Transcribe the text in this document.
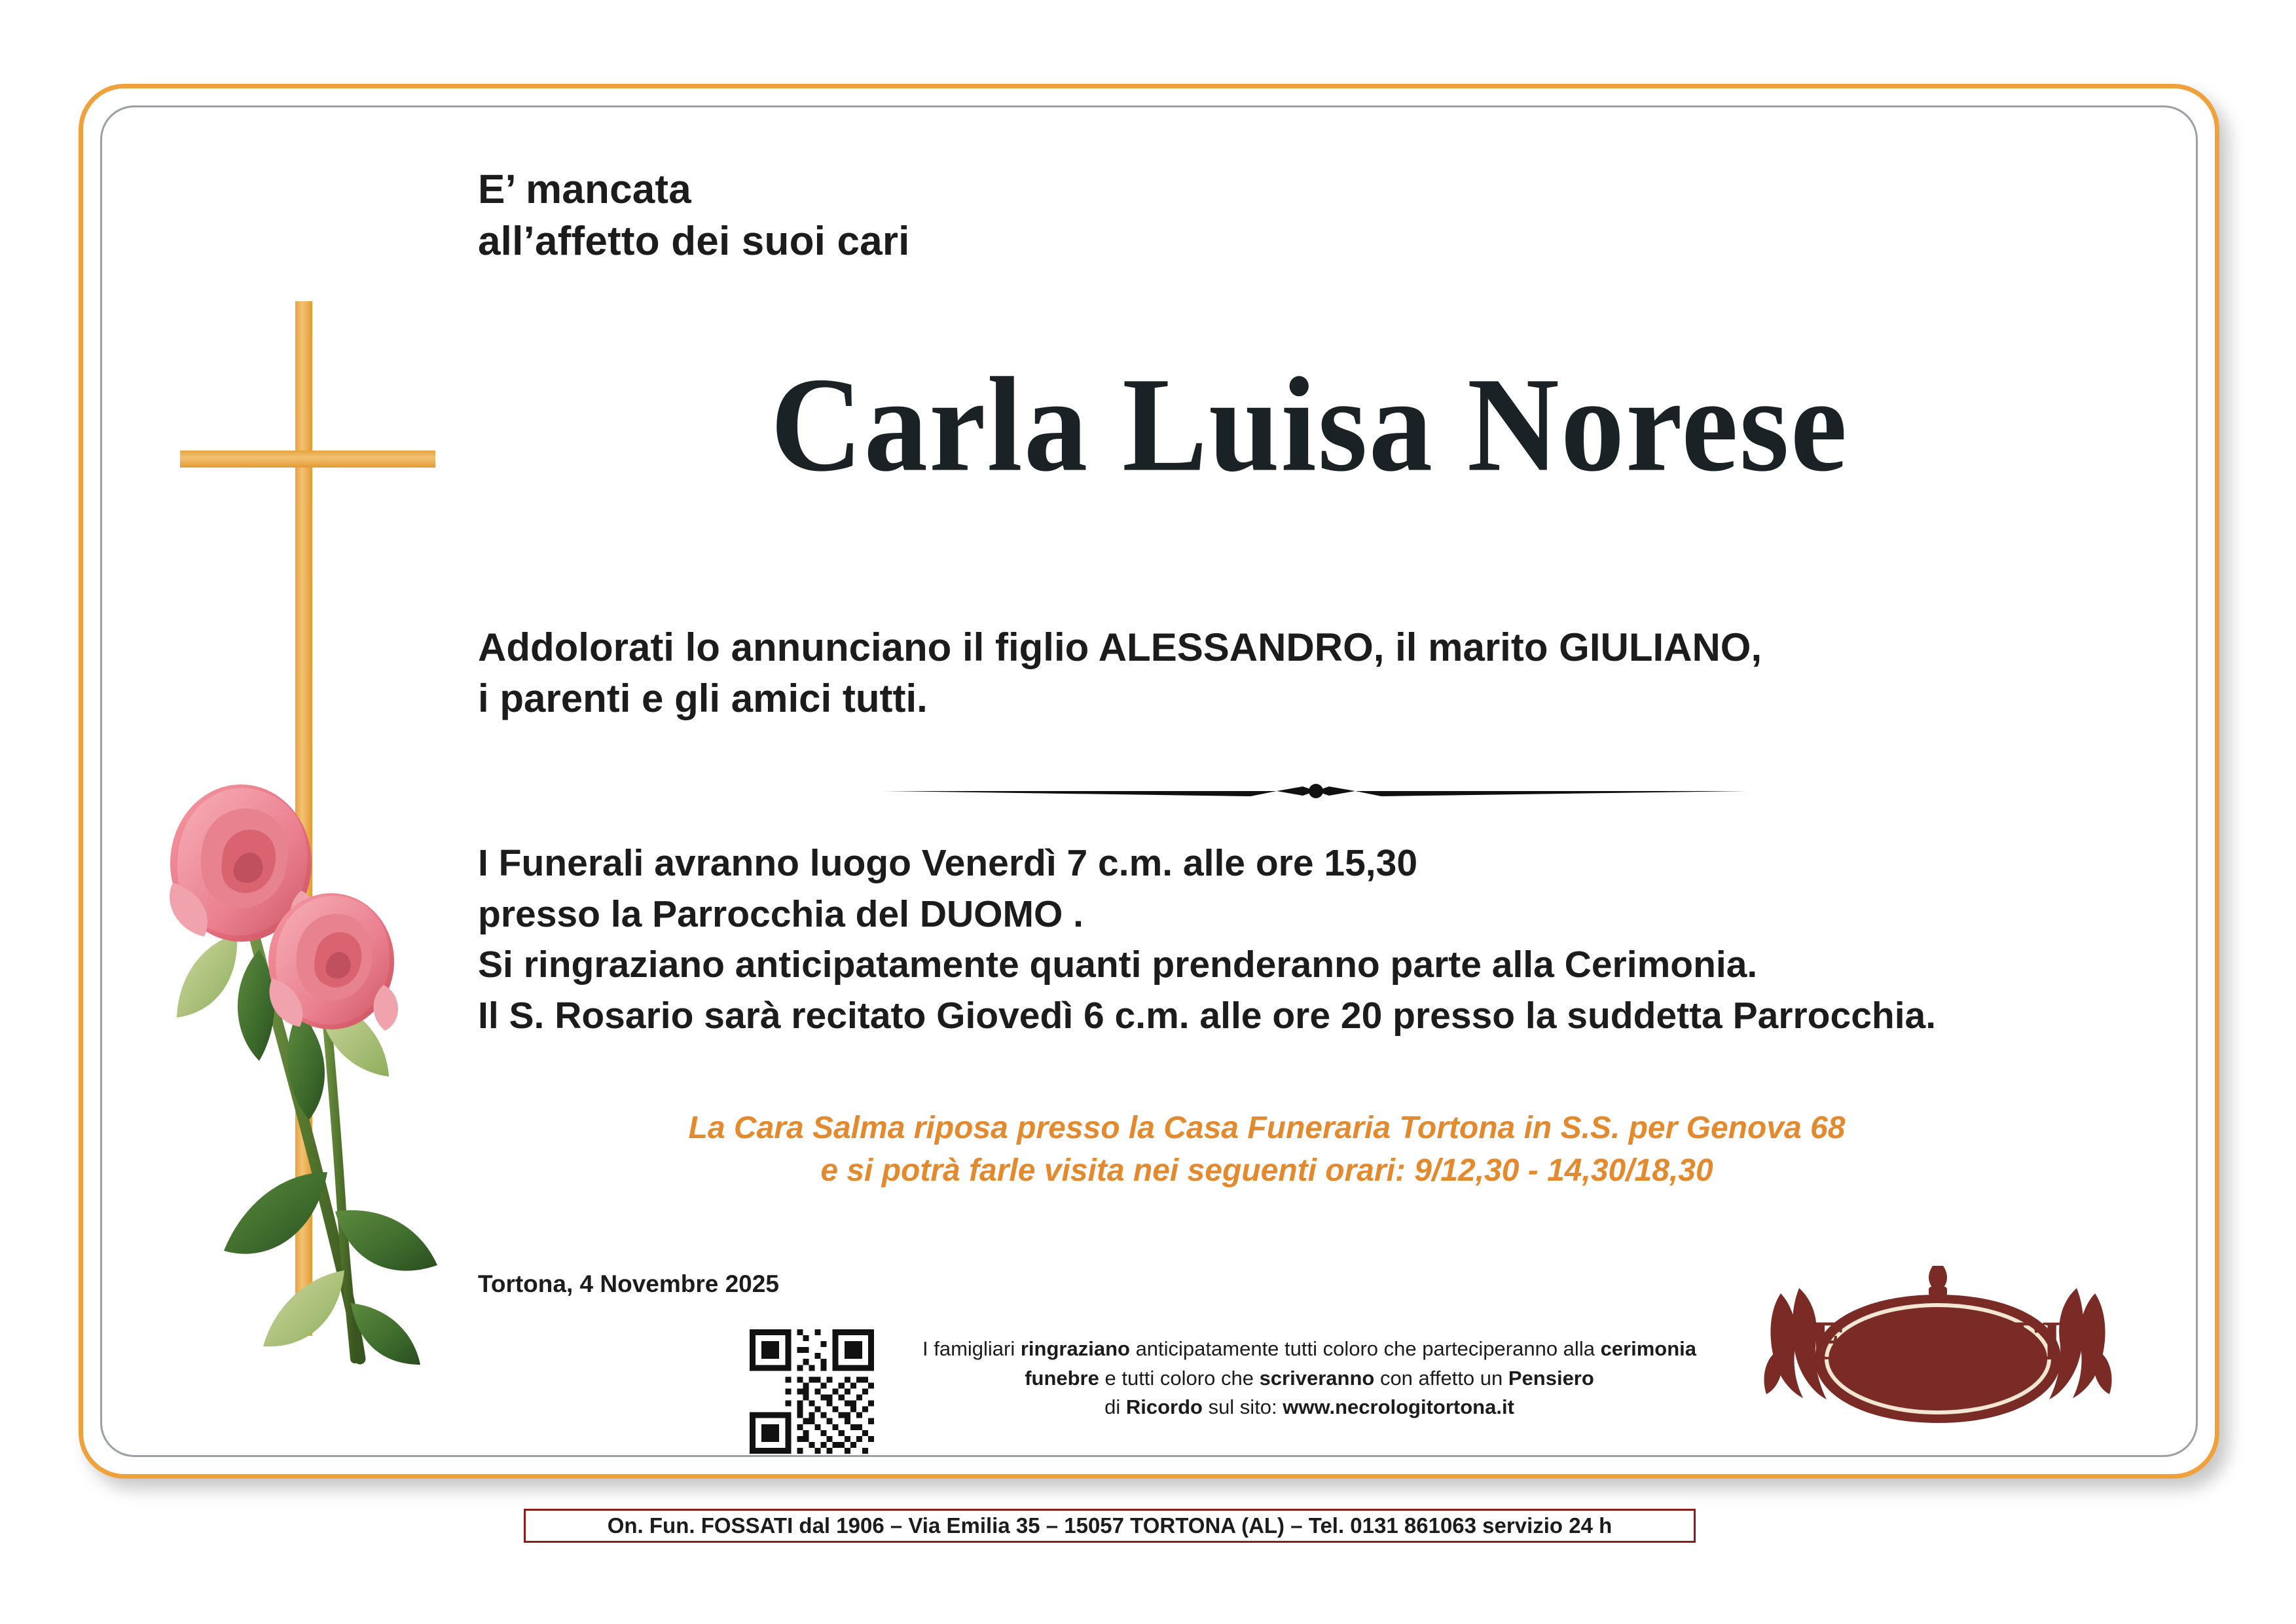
E’ mancata
all’affetto dei suoi cari
Carla Luisa Norese
Addolorati lo annunciano il figlio ALESSANDRO, il marito GIULIANO,
i parenti e gli amici tutti.
I Funerali avranno luogo Venerdì 7 c.m. alle ore 15,30
presso la Parrocchia del DUOMO .
Si ringraziano anticipatamente quanti prenderanno parte alla Cerimonia.
Il S. Rosario sarà recitato Giovedì 6 c.m. alle ore 20 presso la suddetta Parrocchia.
La Cara Salma riposa presso la Casa Funeraria Tortona in S.S. per Genova 68
e si potrà farle visita nei seguenti orari: 9/12,30 - 14,30/18,30
Tortona, 4 Novembre 2025
I famigliari ringraziano anticipatamente tutti coloro che parteciperanno alla cerimonia
funebre e tutti coloro che scriveranno con affetto un Pensiero
di Ricordo sul sito: www.necrologitortona.it
FOSSATI
1906
On. Fun. FOSSATI dal 1906 – Via Emilia 35 – 15057 TORTONA (AL) – Tel. 0131 861063 servizio 24 h
